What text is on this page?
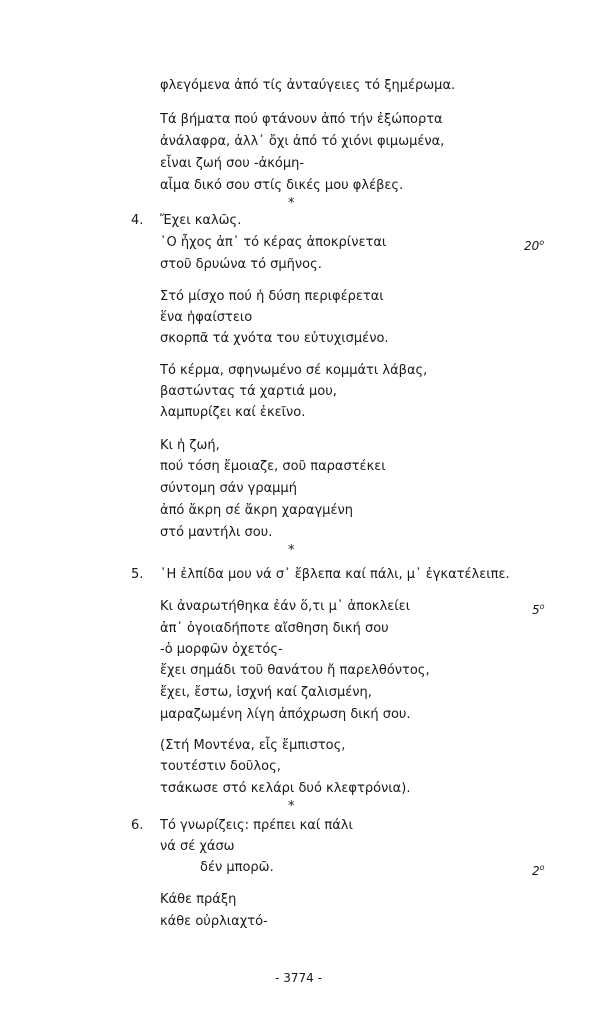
φλεγόμενα ἀπό τίς ἀνταύγειες τό ξημέρωμα.
Τά βήματα πού φτάνουν ἀπό τήν ἐξώπορτα
ἀνάλαφρα, ἀλλ᾽ ὄχι ἀπό τό χιόνι φιμωμένα,
εἶναι ζωή σου -ἀκόμη-
αἷμα δικό σου στίς δικές μου φλέβες.
*
4. Ἔχει καλῶς.
῾Ο ἦχος ἀπ᾽ τό κέρας ἀποκρίνεται	$20^o$
στοῦ δρυώνα τό σμῆνος.
Στό μίσχο πού ἡ δύση περιφέρεται
ἕνα ἡφαίστειο
σκορπᾶ τά χνότα του εὐτυχισμένο.
Τό κέρμα, σφηνωμένο σέ κομμάτι λάβας,
βαστώντας τά χαρτιά μου,
λαμπυρίζει καί ἐκεῖνο.
Κι ἡ ζωή,
πού τόση ἔμοιαζε, σοῦ παραστέκει
σύντομη σάν γραμμή
ἀπό ἄκρη σέ ἄκρη χαραγμένη
στό μαντήλι σου.
*
5. ῾Η ἐλπίδα μου νά σ᾽ ἔβλεπα καί πάλι, μ᾽ ἐγκατέλειπε.
Κι ἀναρωτήθηκα ἐάν ὅ,τι μ᾽ ἀποκλείει	$5^o$
ἀπ᾽ ὁγοιαδήποτε αἴσθηση δική σου
-ὁ μορφῶν ὀχετός-
ἔχει σημάδι τοῦ θανάτου ἤ παρελθόντος,
ἔχει, ἔστω, ἰσχνή καί ζαλισμένη,
μαραζωμένη λίγη ἀπόχρωση δική σου.
(Στή Μοντένα, εἷς ἔμπιστος,
τουτέστιν δοῦλος,
τσάκωσε στό κελάρι δυό κλεφτρόνια).
*
6. Τό γνωρίζεις: πρέπει καί πάλι
νά σέ χάσω
δέν μπορῶ.	$2^o$
Κάθε πράξη
κάθε οὐρλιαχτό-
- 3774 -
